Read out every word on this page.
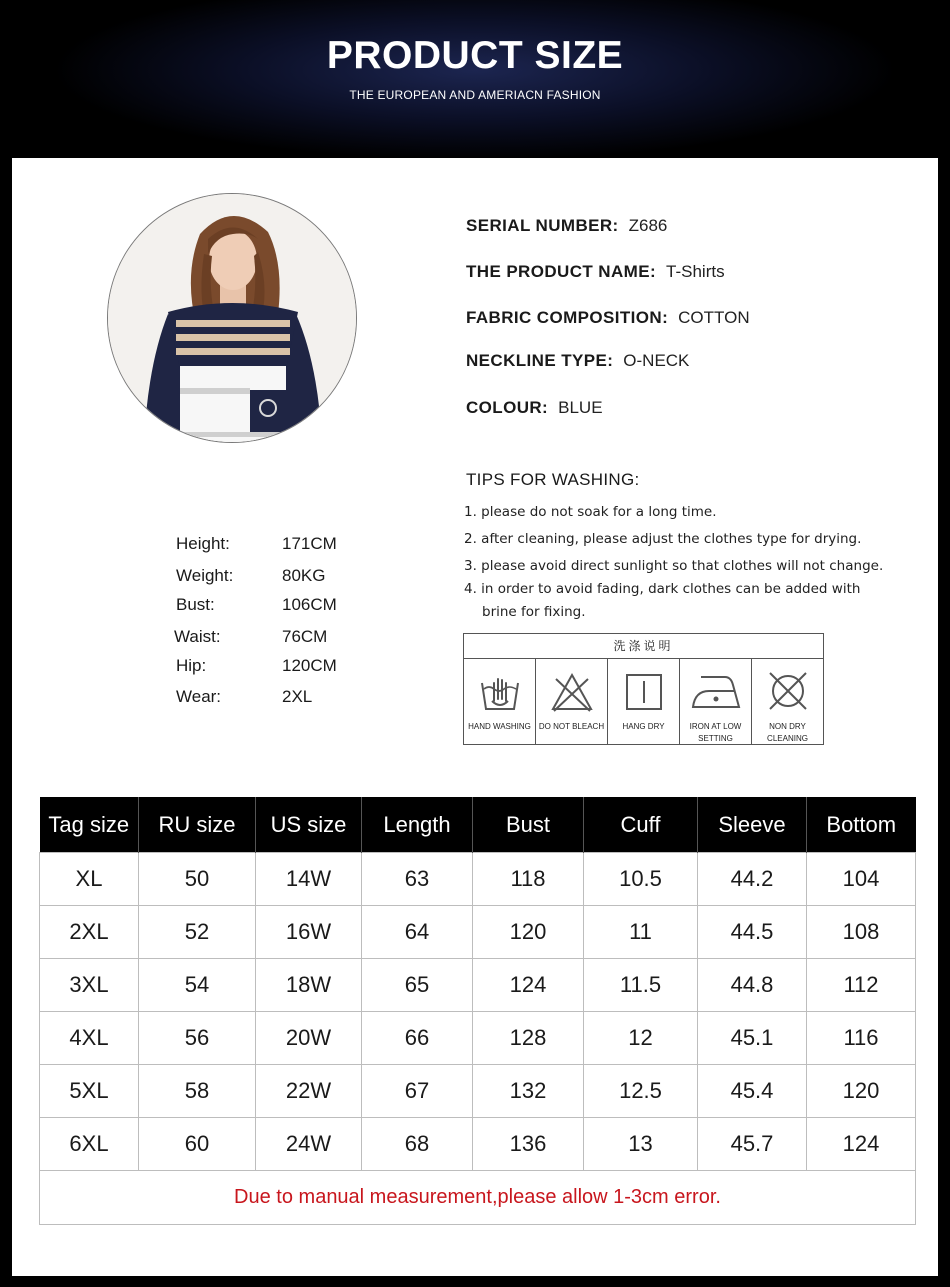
PRODUCT SIZE
THE EUROPEAN AND AMERIACN FASHION
SERIAL NUMBER: Z686
THE PRODUCT NAME: T-Shirts
FABRIC COMPOSITION: COTTON
NECKLINE TYPE: O-NECK
COLOUR: BLUE
TIPS FOR WASHING:
1. please do not soak for a long time.
2. after cleaning, please adjust the clothes type for drying.
3. please avoid direct sunlight so that clothes will not change.
4. in order to avoid fading, dark clothes can be added with
brine for fixing.
Height:	171CM
Weight:	80KG
Bust:	106CM
Waist:	76CM
Hip:	120CM
Wear:	2XL
洗涤说明
HAND WASHING DO NOT BLEACH	HANG DRY	IRON AT LOW SETTING
NON DRY CLEANING
Tag size	RU size	US size	Length	Bust	Cuff	Sleeve	Bottom
XL	50	14W	63	118	10.5	44.2	104
2XL	52	16W	64	120	11	44.5	108
3XL	54	18W	65	124	11.5	44.8	112
4XL	56	20W	66	128	12	45.1	116
5XL	58	22W	67	132	12.5	45.4	120
6XL	60	24W	68	136	13	45.7	124
Due to manual measurement,please allow 1-3cm error.							
